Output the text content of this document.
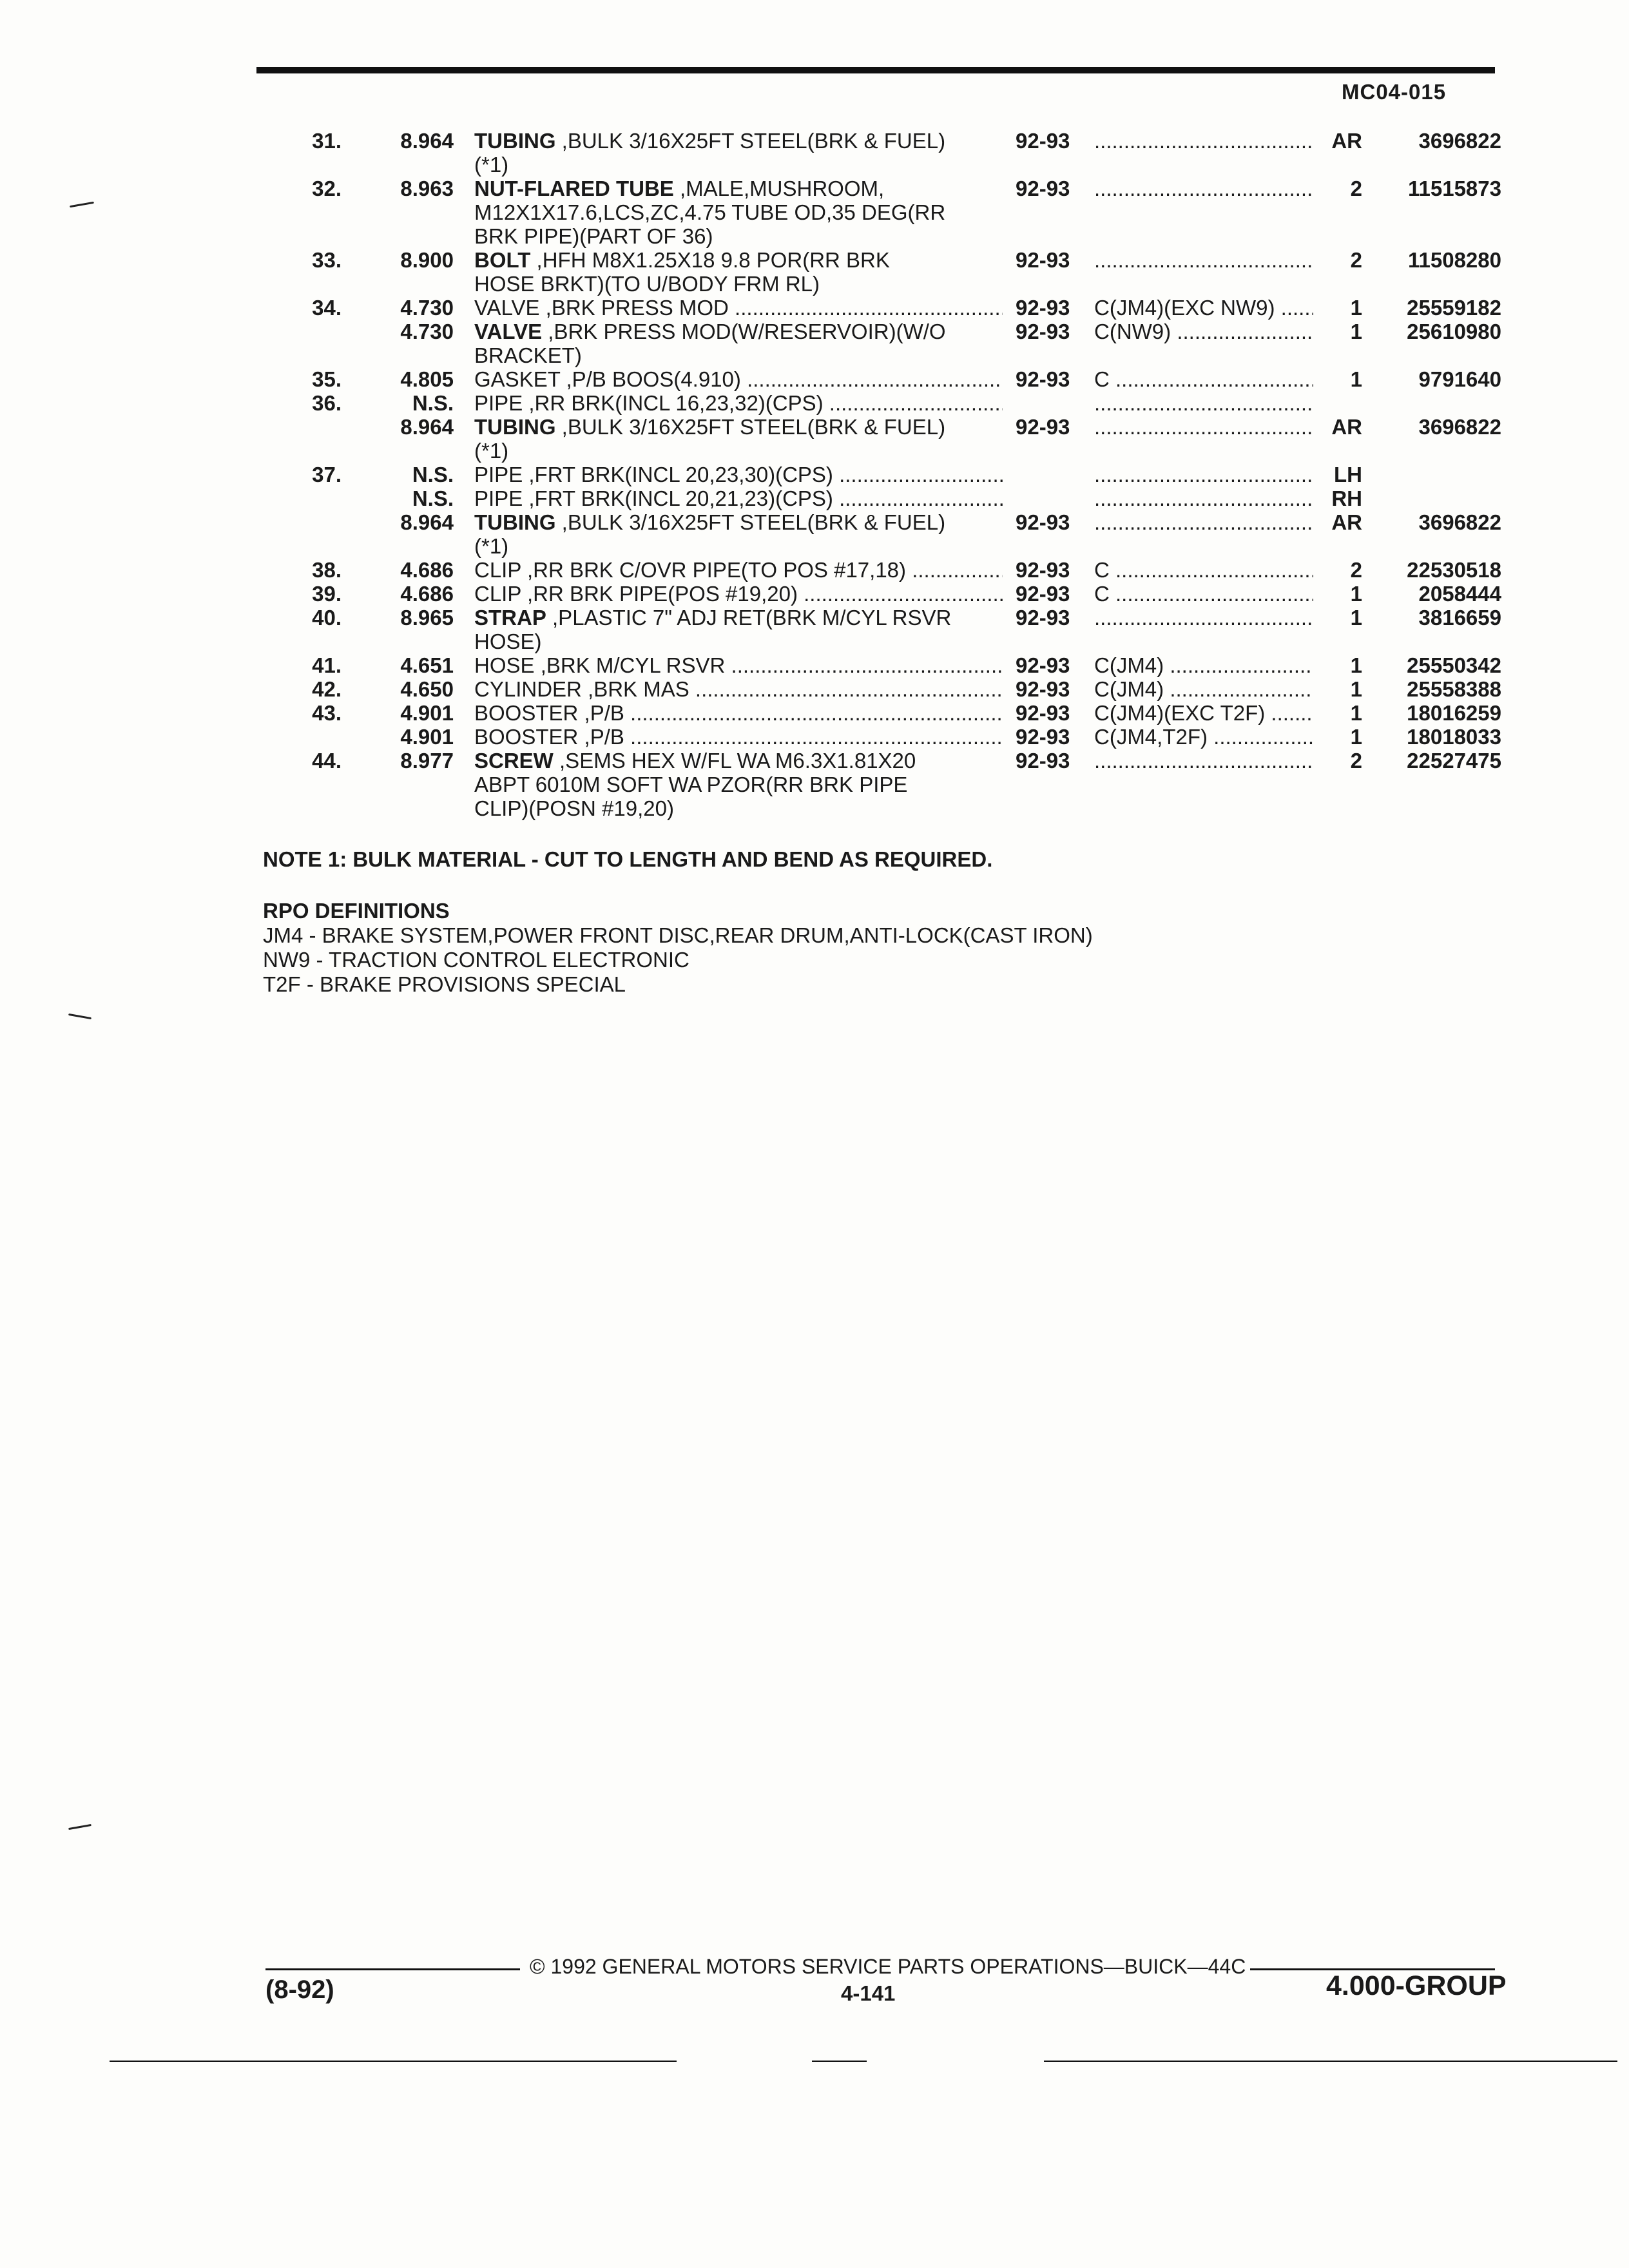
MC04-015
31.	8.964 TUBING ,BULK 3/16X25FT STEEL(BRK & FUEL)	92-93 .....	AR	3696822
(*1)
32.	8.963 NUT-FLARED TUBE ,MALE,MUSHROOM,	92-93 .....	2	11515873
M12X1X17.6,LCS,ZC,4.75 TUBE OD,35 DEG(RR
BRK PIPE)(PART OF 36)
33.	8.900 BOLT ,HFH M8X1.25X18 9.8 POR(RR BRK	92-93 .....	2	11508280
HOSE BRKT)(TO U/BODY FRM RL)
34.	4.730 VALVE ,BRK PRESS MOD .....	92-93 C(JM4)(EXC NW9) .....	1	25559182
4.730 VALVE ,BRK PRESS MOD(W/RESERVOIR)(W/O	92-93 C(NW9) .....	1	25610980
BRACKET)
35.	4.805 GASKET ,P/B BOOS(4.910) .....	92-93 C .....	1	9791640
36.	N.S. PIPE ,RR BRK(INCL 16,23,32)(CPS) .....
.....
8.964 TUBING ,BULK 3/16X25FT STEEL(BRK & FUEL)	92-93 .....	AR	3696822
(*1)
37.	N.S. PIPE ,FRT BRK(INCL 20,23,30)(CPS) ..... .....	LH
N.S. PIPE ,FRT BRK(INCL 20,21,23)(CPS) ..... .....	RH
8.964 TUBING ,BULK 3/16X25FT STEEL(BRK & FUEL)	92-93 .....	AR	3696822
(*1)
38.	4.686 CLIP ,RR BRK C/OVR PIPE(TO POS #17,18) .....	92-93 C .....	2	22530518
39.	4.686 CLIP ,RR BRK PIPE(POS #19,20) .....	92-93 C .....	1	2058444
40.	8.965 STRAP ,PLASTIC 7" ADJ RET(BRK M/CYL RSVR	92-93 .....	1	3816659
HOSE)
41.	4.651 HOSE ,BRK M/CYL RSVR .....	92-93 C(JM4) .....	1	25550342
42.	4.650 CYLINDER ,BRK MAS .....	92-93 C(JM4) .....	1	25558388
43.	4.901 BOOSTER ,P/B .....	92-93 C(JM4)(EXC T2F) .....	1	18016259
4.901 BOOSTER ,P/B .....	92-93 C(JM4,T2F) .....	1	18018033
44.	8.977 SCREW ,SEMS HEX W/FL WA M6.3X1.81X20	92-93 .....	2	22527475
ABPT 6010M SOFT WA PZOR(RR BRK PIPE
CLIP)(POSN #19,20)
NOTE 1: BULK MATERIAL - CUT TO LENGTH AND BEND AS REQUIRED.
RPO DEFINITIONS
JM4 - BRAKE SYSTEM,POWER FRONT DISC,REAR DRUM,ANTI-LOCK(CAST IRON)
NW9 - TRACTION CONTROL ELECTRONIC
T2F - BRAKE PROVISIONS SPECIAL
© 1992 GENERAL MOTORS SERVICE PARTS OPERATIONS—BUICK—44C
(8-92)	4-141	4.000-GROUP
